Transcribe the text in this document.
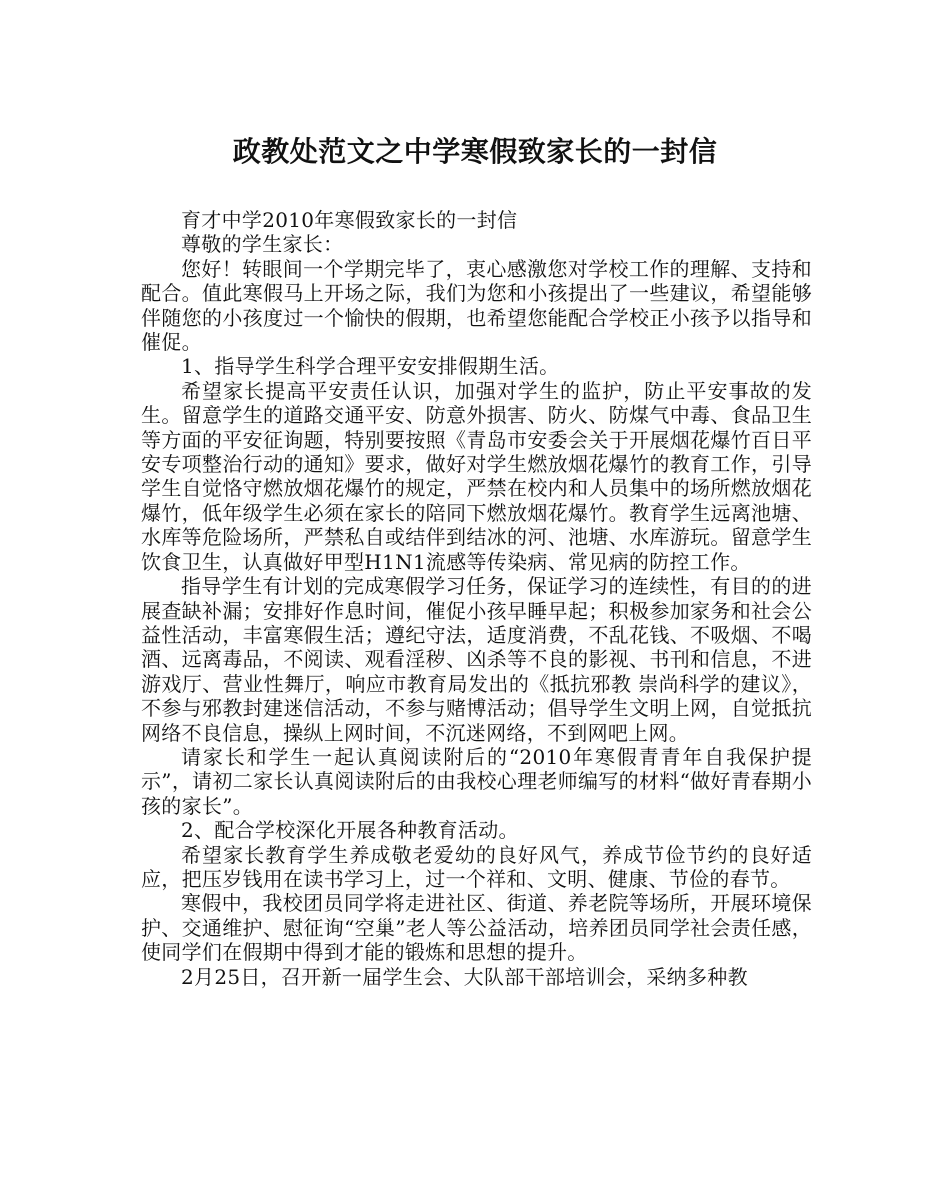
政教处范文之中学寒假致家长的一封信

育才中学2010年寒假致家长的一封信

尊敬的学生家长：

您好！转眼间一个学期完毕了，衷心感激您对学校工作的理解、支持和配合。值此寒假马上开场之际，我们为您和小孩提出了一些建议，希望能够伴随您的小孩度过一个愉快的假期，也希望您能配合学校正小孩予以指导和催促。

1、指导学生科学合理平安安排假期生活。

希望家长提高平安责任认识，加强对学生的监护，防止平安事故的发生。留意学生的道路交通平安、防意外损害、防火、防煤气中毒、食品卫生等方面的平安征询题，特别要按照《青岛市安委会关于开展烟花爆竹百日平安专项整治行动的通知》要求，做好对学生燃放烟花爆竹的教育工作，引导学生自觉恪守燃放烟花爆竹的规定，严禁在校内和人员集中的场所燃放烟花爆竹，低年级学生必须在家长的陪同下燃放烟花爆竹。教育学生远离池塘、水库等危险场所，严禁私自或结伴到结冰的河、池塘、水库游玩。留意学生饮食卫生，认真做好甲型H1N1流感等传染病、常见病的防控工作。

指导学生有计划的完成寒假学习任务，保证学习的连续性，有目的的进展查缺补漏；安排好作息时间，催促小孩早睡早起；积极参加家务和社会公益性活动，丰富寒假生活；遵纪守法，适度消费，不乱花钱、不吸烟、不喝酒、远离毒品，不阅读、观看淫秽、凶杀等不良的影视、书刊和信息，不进游戏厅、营业性舞厅，响应市教育局发出的《抵抗邪教 崇尚科学的建议》，不参与邪教封建迷信活动，不参与赌博活动；倡导学生文明上网，自觉抵抗网络不良信息，操纵上网时间，不沉迷网络，不到网吧上网。

请家长和学生一起认真阅读附后的“2010年寒假青青年自我保护提示”，请初二家长认真阅读附后的由我校心理老师编写的材料“做好青春期小孩的家长”。

2、配合学校深化开展各种教育活动。

希望家长教育学生养成敬老爱幼的良好风气，养成节俭节约的良好适应，把压岁钱用在读书学习上，过一个祥和、文明、健康、节俭的春节。

寒假中，我校团员同学将走进社区、街道、养老院等场所，开展环境保护、交通维护、慰征询“空巢”老人等公益活动，培养团员同学社会责任感，使同学们在假期中得到才能的锻炼和思想的提升。

2月25日，召开新一届学生会、大队部干部培训会，采纳多种教
